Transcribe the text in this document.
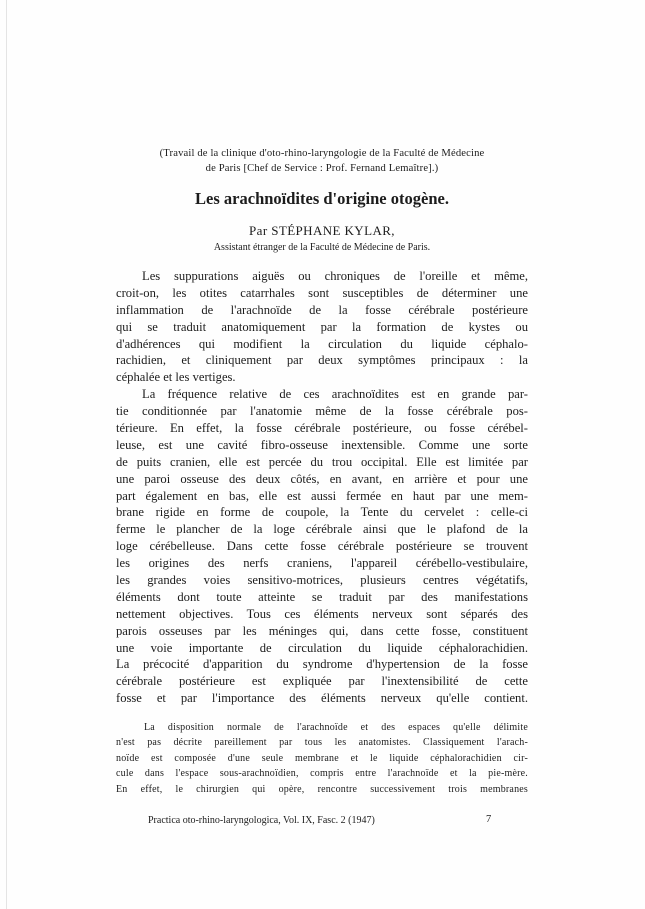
(Travail de la clinique d'oto-rhino-laryngologie de la Faculté de Médecine
de Paris [Chef de Service : Prof. Fernand Lemaître].)
Les arachnoïdites d'origine otogène.
Par STÉPHANE KYLAR,
Assistant étranger de la Faculté de Médecine de Paris.
Les suppurations aiguës ou chroniques de l'oreille et même,
croit-on, les otites catarrhales sont susceptibles de déterminer une
inflammation de l'arachnoïde de la fosse cérébrale postérieure
qui se traduit anatomiquement par la formation de kystes ou
d'adhérences qui modifient la circulation du liquide céphalo-
rachidien, et cliniquement par deux symptômes principaux : la
céphalée et les vertiges.
La fréquence relative de ces arachnoïdites est en grande par-
tie conditionnée par l'anatomie même de la fosse cérébrale pos-
térieure. En effet, la fosse cérébrale postérieure, ou fosse cérébel-
leuse, est une cavité fibro-osseuse inextensible. Comme une sorte
de puits cranien, elle est percée du trou occipital. Elle est limitée par
une paroi osseuse des deux côtés, en avant, en arrière et pour une
part également en bas, elle est aussi fermée en haut par une mem-
brane rigide en forme de coupole, la Tente du cervelet : celle-ci
ferme le plancher de la loge cérébrale ainsi que le plafond de la
loge cérébelleuse. Dans cette fosse cérébrale postérieure se trouvent
les origines des nerfs craniens, l'appareil cérébello-vestibulaire,
les grandes voies sensitivo-motrices, plusieurs centres végétatifs,
éléments dont toute atteinte se traduit par des manifestations
nettement objectives. Tous ces éléments nerveux sont séparés des
parois osseuses par les méninges qui, dans cette fosse, constituent
une voie importante de circulation du liquide céphalorachidien.
La précocité d'apparition du syndrome d'hypertension de la fosse
cérébrale postérieure est expliquée par l'inextensibilité de cette
fosse et par l'importance des éléments nerveux qu'elle contient.
La disposition normale de l'arachnoïde et des espaces qu'elle délimite
n'est pas décrite pareillement par tous les anatomistes. Classiquement l'arach-
noïde est composée d'une seule membrane et le liquide céphalorachidien cir-
cule dans l'espace sous-arachnoïdien, compris entre l'arachnoïde et la pie-mère.
En effet, le chirurgien qui opère, rencontre successivement trois membranes
Practica oto-rhino-laryngologica, Vol. IX, Fasc. 2 (1947)	7
